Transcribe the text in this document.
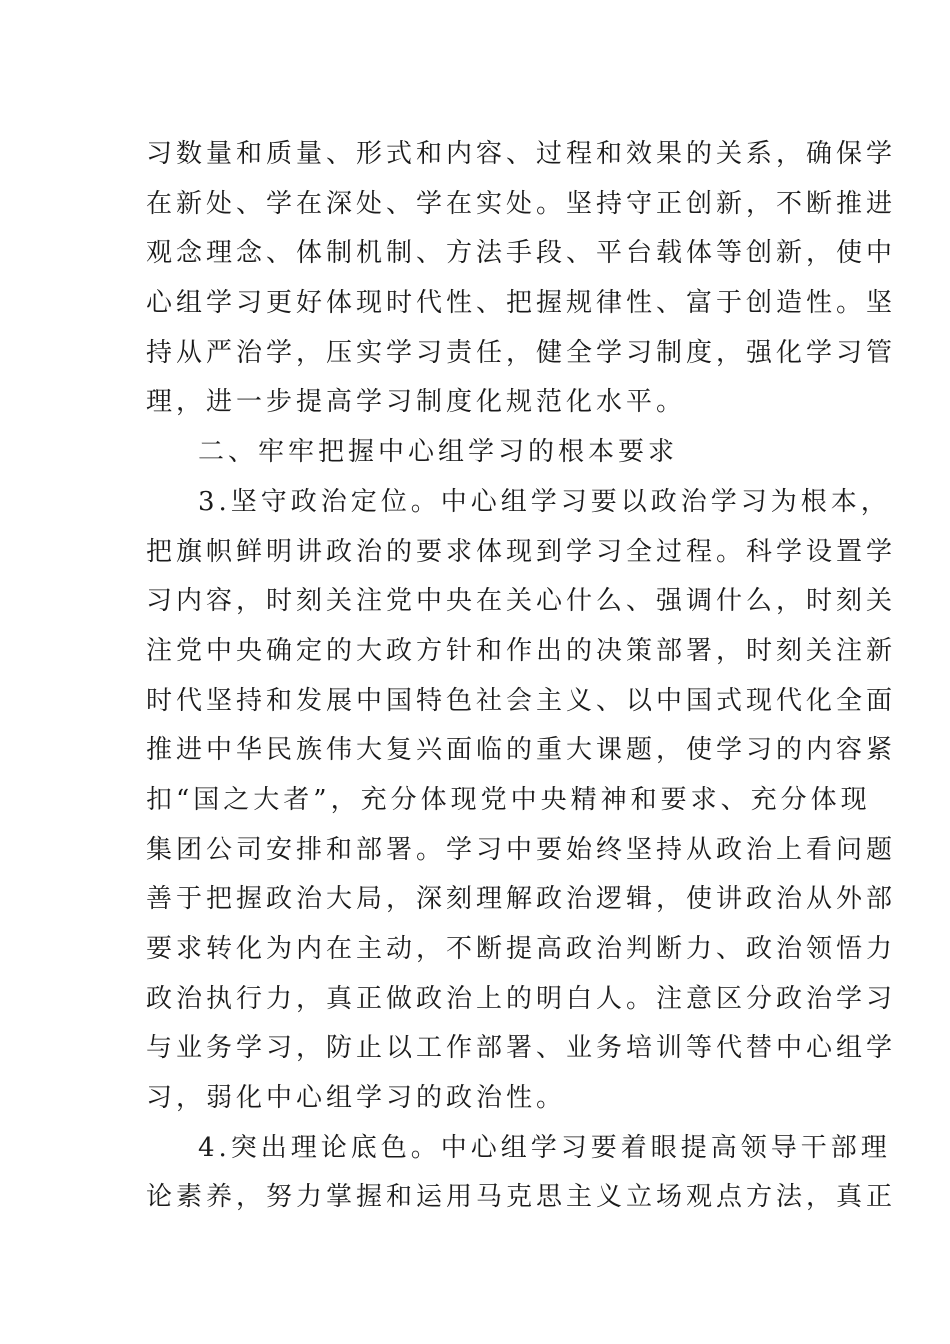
习数量和质量、形式和内容、过程和效果的关系，确保学
在新处、学在深处、学在实处。坚持守正创新，不断推进
观念理念、体制机制、方法手段、平台载体等创新，使中
心组学习更好体现时代性、把握规律性、富于创造性。坚
持从严治学，压实学习责任，健全学习制度，强化学习管
理，进一步提高学习制度化规范化水平。
二、牢牢把握中心组学习的根本要求
3.坚守政治定位。中心组学习要以政治学习为根本，
把旗帜鲜明讲政治的要求体现到学习全过程。科学设置学
习内容，时刻关注党中央在关心什么、强调什么，时刻关
注党中央确定的大政方针和作出的决策部署，时刻关注新
时代坚持和发展中国特色社会主义、以中国式现代化全面
推进中华民族伟大复兴面临的重大课题，使学习的内容紧
扣“国之大者”，充分体现党中央精神和要求、充分体现
集团公司安排和部署。学习中要始终坚持从政治上看问题
善于把握政治大局，深刻理解政治逻辑，使讲政治从外部
要求转化为内在主动，不断提高政治判断力、政治领悟力
政治执行力，真正做政治上的明白人。注意区分政治学习
与业务学习，防止以工作部署、业务培训等代替中心组学
习，弱化中心组学习的政治性。
4.突出理论底色。中心组学习要着眼提高领导干部理
论素养，努力掌握和运用马克思主义立场观点方法，真正
